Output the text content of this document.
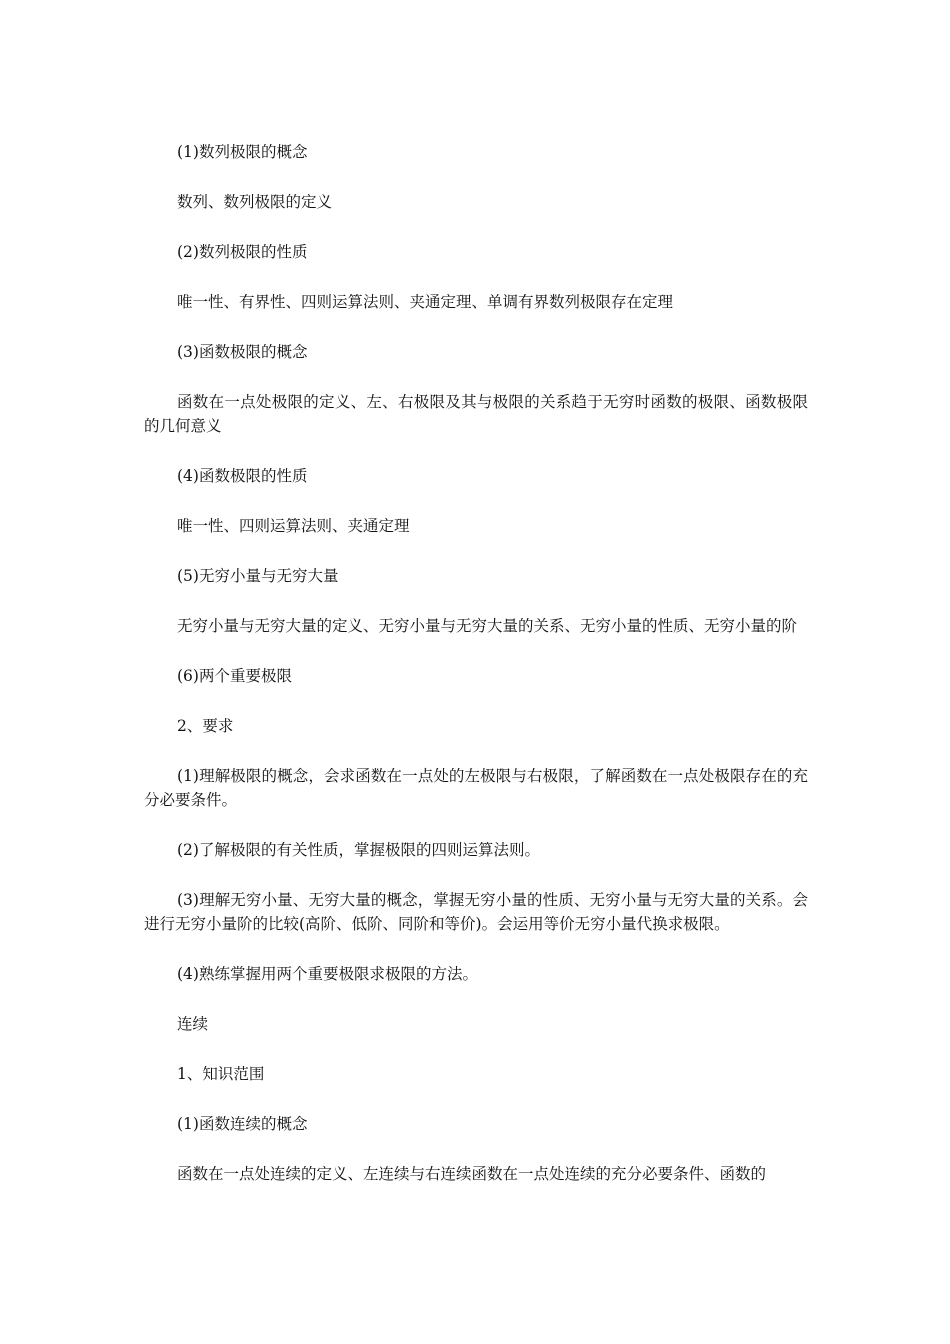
(1)数列极限的概念

数列、数列极限的定义

(2)数列极限的性质

唯一性、有界性、四则运算法则、夹通定理、单调有界数列极限存在定理

(3)函数极限的概念

函数在一点处极限的定义、左、右极限及其与极限的关系趋于无穷时函数的极限、函数极限的几何意义

(4)函数极限的性质

唯一性、四则运算法则、夹通定理

(5)无穷小量与无穷大量

无穷小量与无穷大量的定义、无穷小量与无穷大量的关系、无穷小量的性质、无穷小量的阶

(6)两个重要极限

2、要求

(1)理解极限的概念，会求函数在一点处的左极限与右极限，了解函数在一点处极限存在的充分必要条件。

(2)了解极限的有关性质，掌握极限的四则运算法则。

(3)理解无穷小量、无穷大量的概念，掌握无穷小量的性质、无穷小量与无穷大量的关系。会进行无穷小量阶的比较(高阶、低阶、同阶和等价)。会运用等价无穷小量代换求极限。

(4)熟练掌握用两个重要极限求极限的方法。

连续

1、知识范围

(1)函数连续的概念

函数在一点处连续的定义、左连续与右连续函数在一点处连续的充分必要条件、函数的
